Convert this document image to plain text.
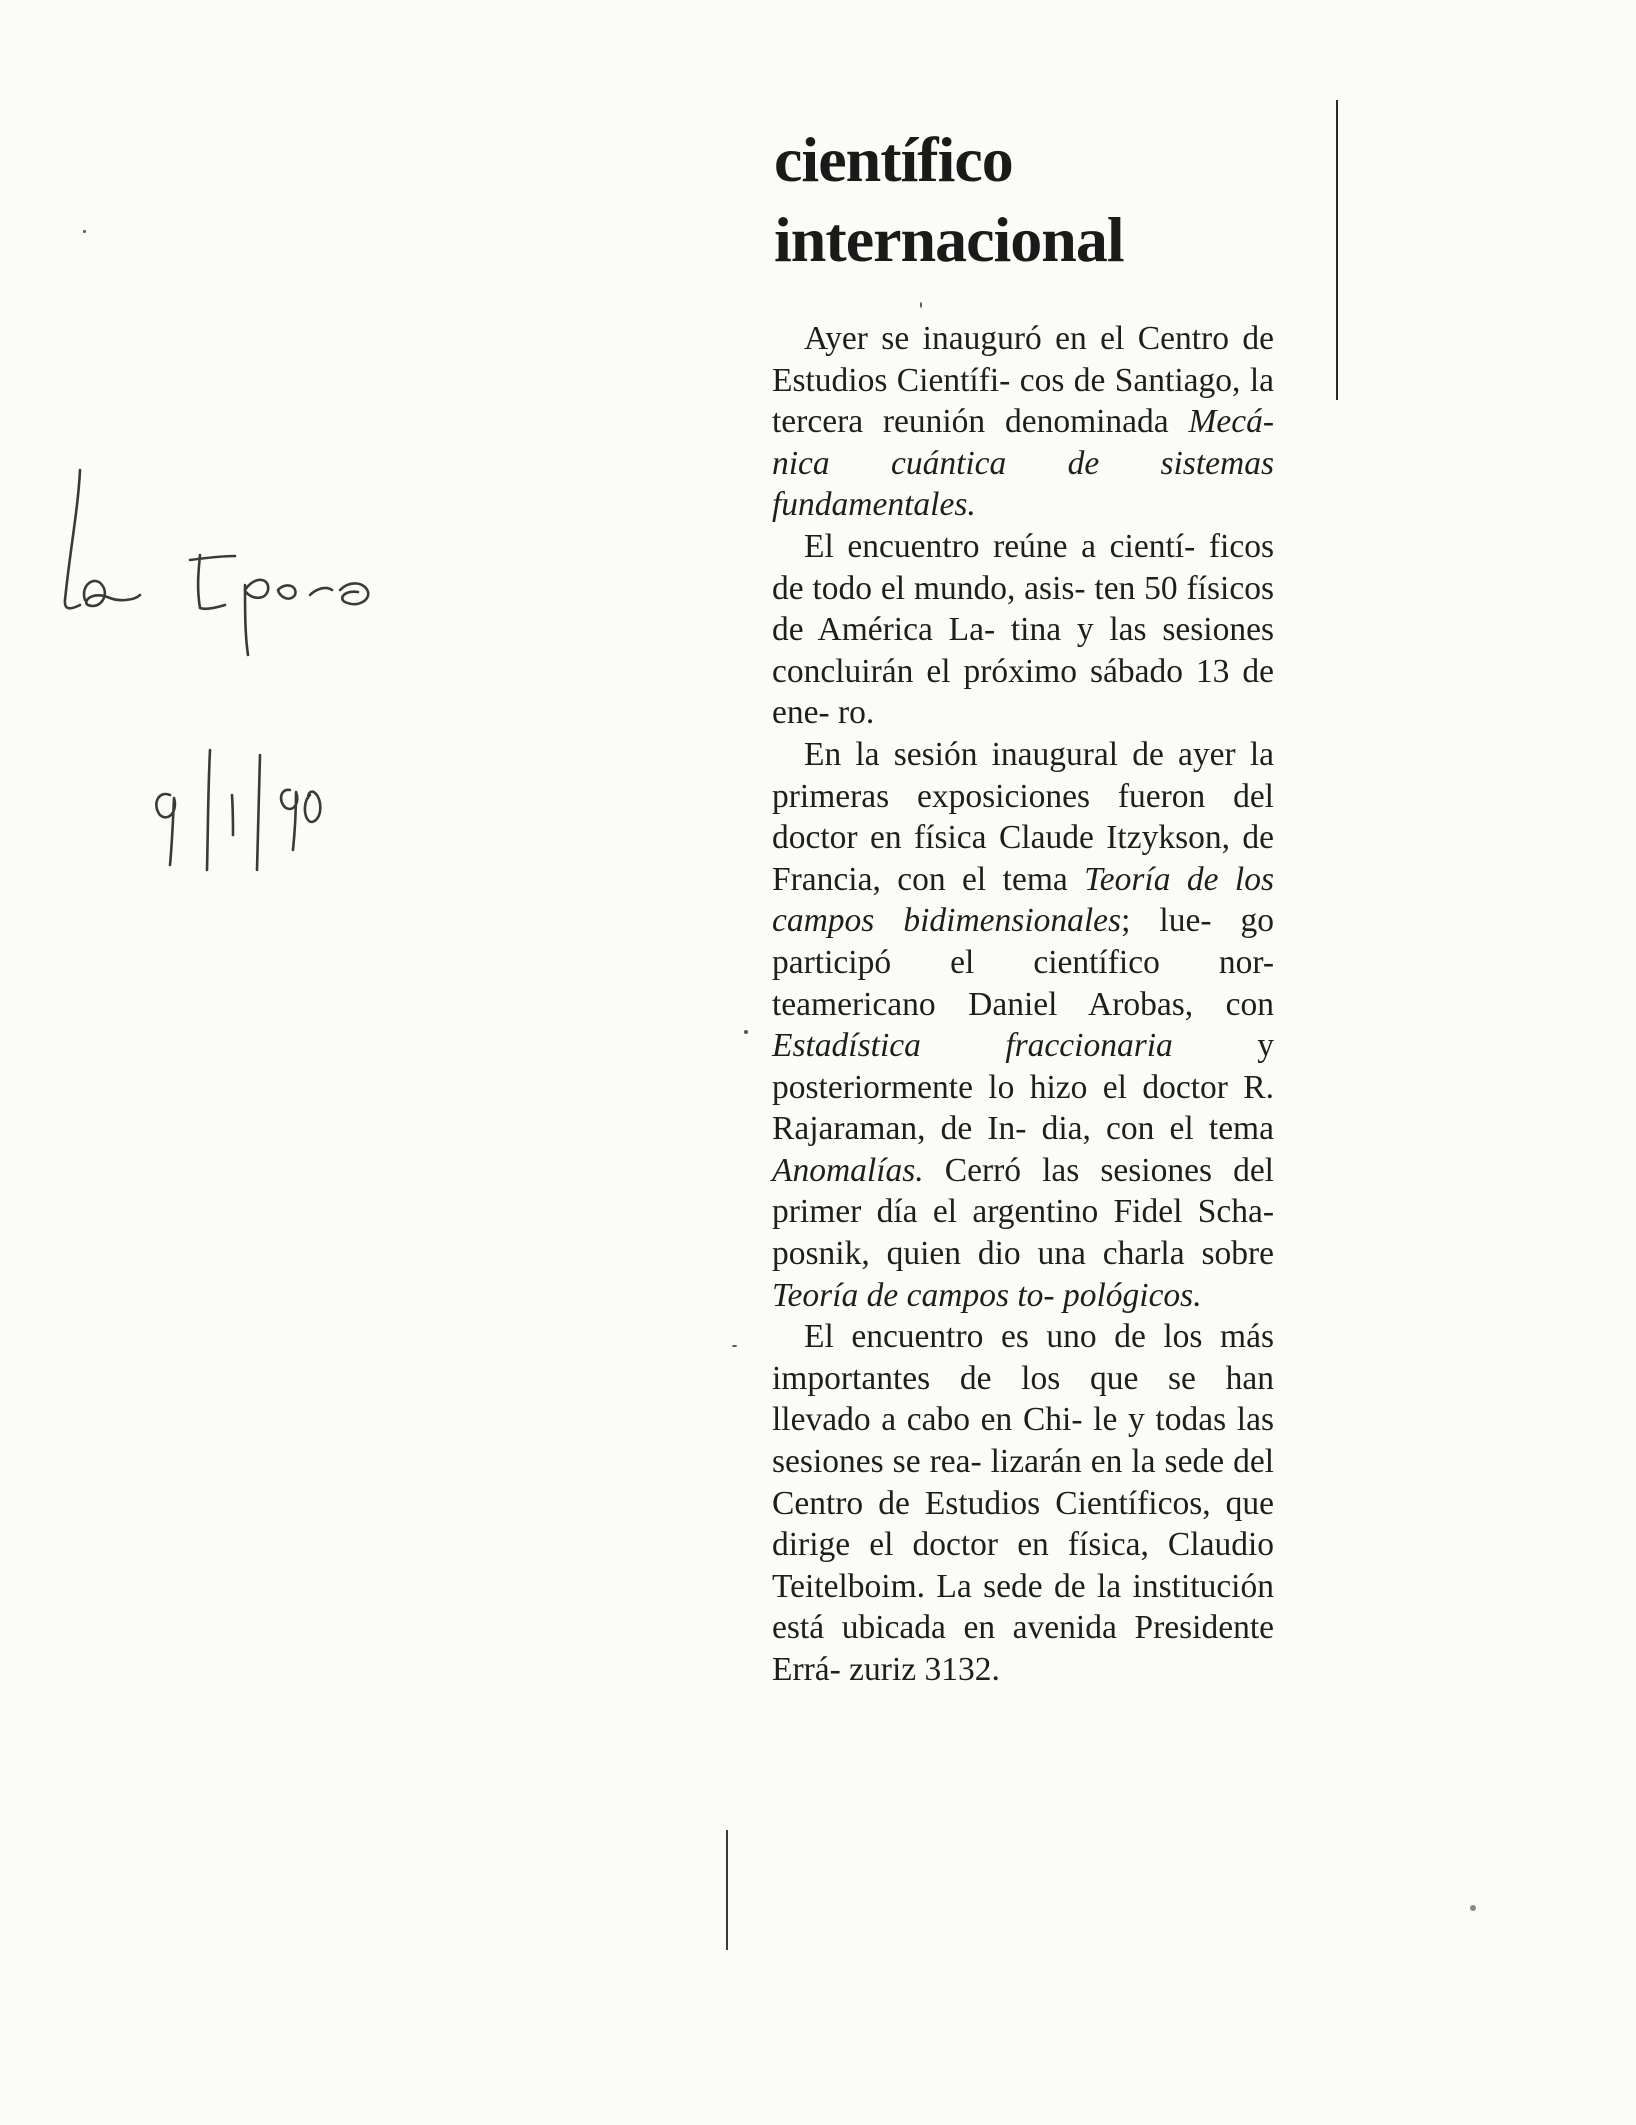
científico
internacional

Ayer se inauguró en el Centro de Estudios Científi- cos de Santiago, la tercera reunión denominada Mecá- nica cuántica de sistemas fundamentales.

El encuentro reúne a cientí- ficos de todo el mundo, asis- ten 50 físicos de América La- tina y las sesiones concluirán el próximo sábado 13 de ene- ro.

En la sesión inaugural de ayer la primeras exposiciones fueron del doctor en física Claude Itzykson, de Francia, con el tema Teoría de los campos bidimensionales; lue- go participó el científico nor- teamericano Daniel Arobas, con Estadística fraccionaria y posteriormente lo hizo el doctor R. Rajaraman, de In- dia, con el tema Anomalías. Cerró las sesiones del primer día el argentino Fidel Scha- posnik, quien dio una charla sobre Teoría de campos to- pológicos.

El encuentro es uno de los más importantes de los que se han llevado a cabo en Chi- le y todas las sesiones se rea- lizarán en la sede del Centro de Estudios Científicos, que dirige el doctor en física, Claudio Teitelboim. La sede de la institución está ubicada en avenida Presidente Errá- zuriz 3132.
